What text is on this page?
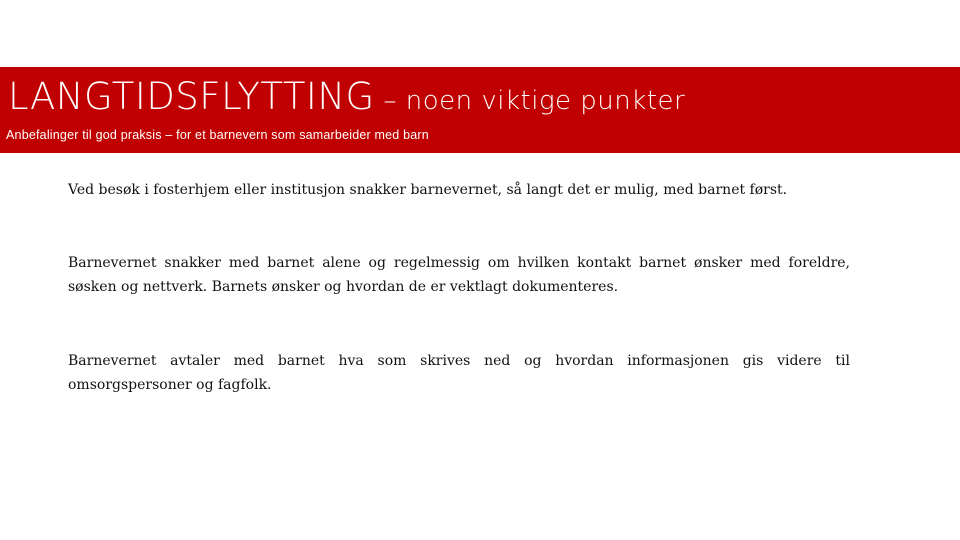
LANGTIDSFLYTTING – noen viktige punkter
Anbefalinger til god praksis – for et barnevern som samarbeider med barn

Ved besøk i fosterhjem eller institusjon snakker barnevernet, så langt det er mulig, med barnet først.

Barnevernet snakker med barnet alene og regelmessig om hvilken kontakt barnet ønsker med foreldre, søsken og nettverk. Barnets ønsker og hvordan de er vektlagt dokumenteres.

Barnevernet avtaler med barnet hva som skrives ned og hvordan informasjonen gis videre til omsorgspersoner og fagfolk.
